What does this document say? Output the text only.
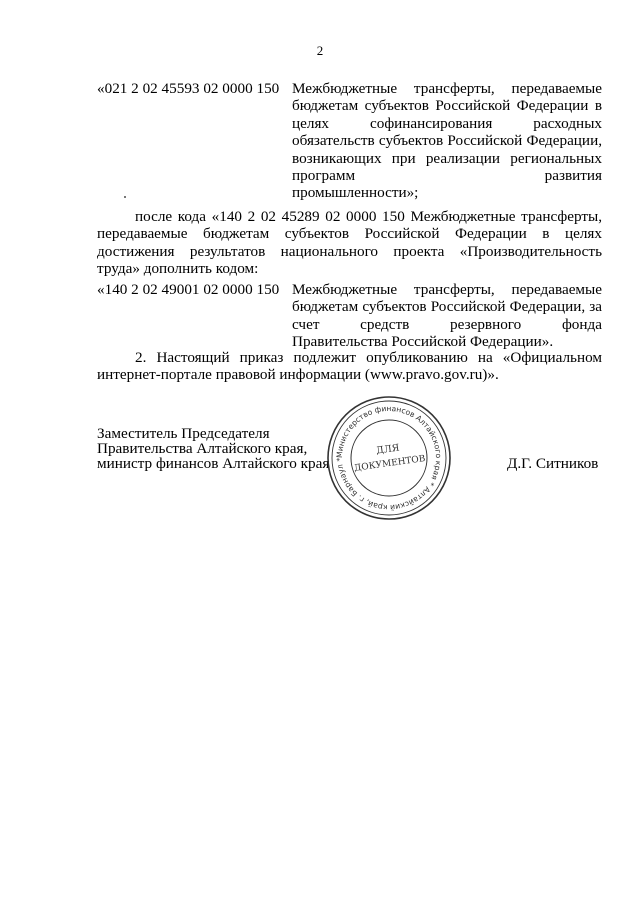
2
«021 2 02 45593 02 0000 150 Межбюджетные трансферты, передаваемые бюджетам субъектов Российской Федерации в целях софинансирования расходных обязательств субъектов Российской Федерации, возникающих при реализации региональных программ развития
промышленности»;
после кода «140 2 02 45289 02 0000 150 Межбюджетные трансферты, передаваемые бюджетам субъектов Российской Федерации в целях достижения результатов национального проекта «Производительность труда» дополнить кодом:
«140 2 02 49001 02 0000 150 Межбюджетные трансферты, передаваемые бюджетам субъектов Российской Федерации, за счет средств резервного фонда
Правительства Российской Федерации».
2. Настоящий приказ подлежит опубликованию на «Официальном интернет-портале правовой информации (www.pravo.gov.ru)».
Заместитель Председателя
Правительства Алтайского края,
министр финансов Алтайского края
Министерство финансов Алтайского края * Алтайский край, г. Барнаул *
ДЛЯ
ДОКУМЕНТОВ	Д.Г. Ситников
